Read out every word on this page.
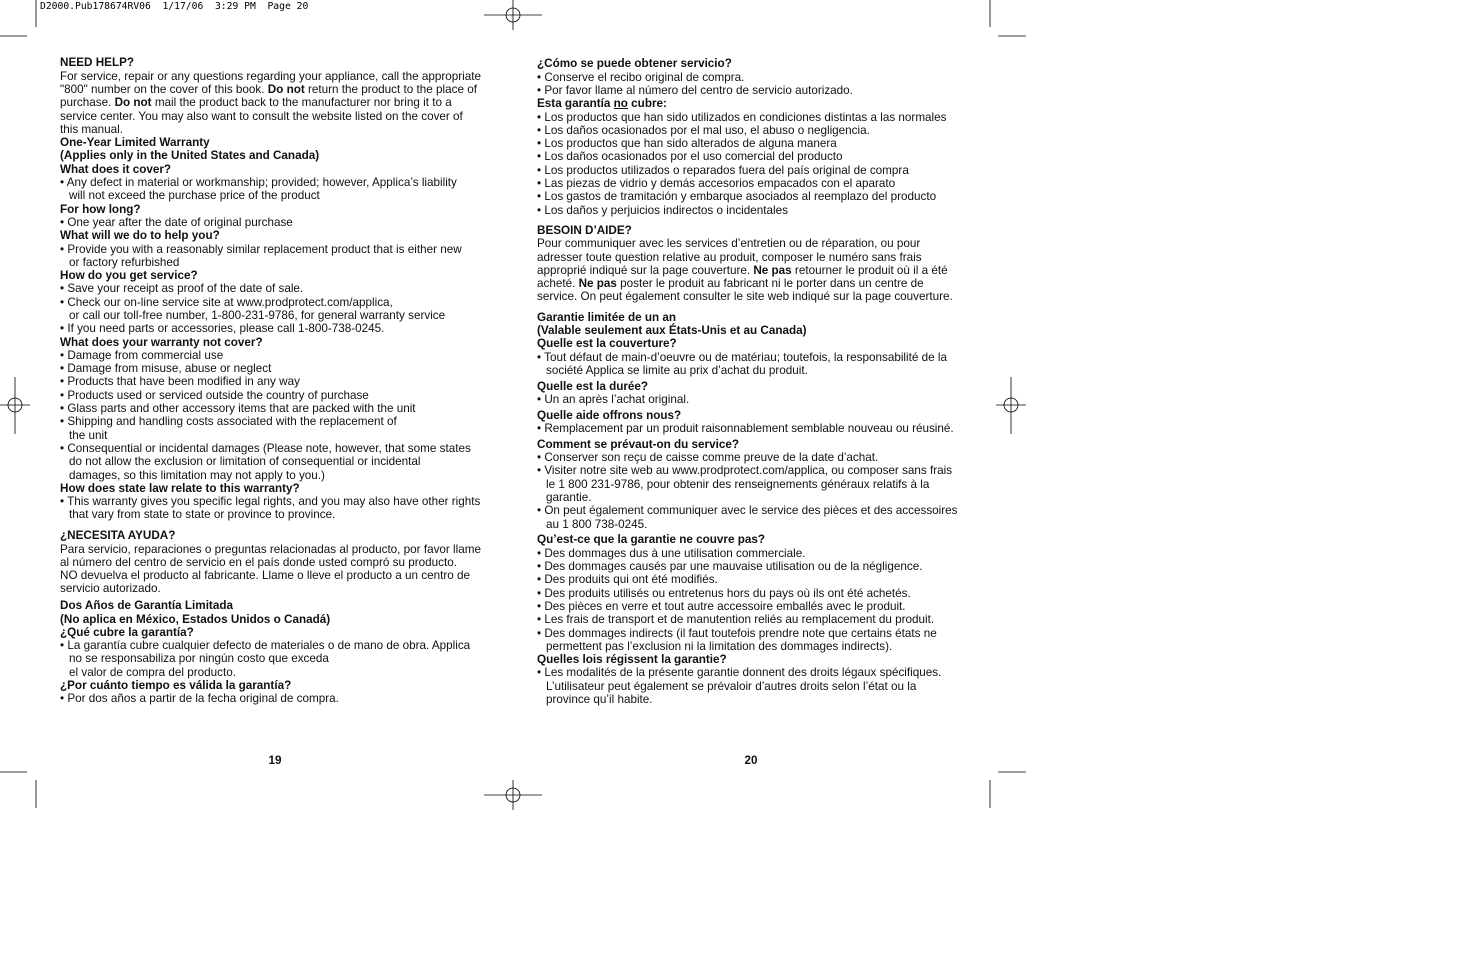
D2000.Pub178674RV06  1/17/06  3:29 PM  Page 20
NEED HELP?
For service, repair or any questions regarding your appliance, call the appropriate
"800" number on the cover of this book. Do not return the product to the place of
purchase. Do not mail the product back to the manufacturer nor bring it to a
service center. You may also want to consult the website listed on the cover of
this manual.
One-Year Limited Warranty
(Applies only in the United States and Canada)
What does it cover?
• Any defect in material or workmanship; provided; however, Applica’s liability
will not exceed the purchase price of the product
For how long?
• One year after the date of original purchase
What will we do to help you?
• Provide you with a reasonably similar replacement product that is either new
or factory refurbished
How do you get service?
• Save your receipt as proof of the date of sale.
• Check our on-line service site at www.prodprotect.com/applica,
or call our toll-free number, 1-800-231-9786, for general warranty service
• If you need parts or accessories, please call 1-800-738-0245.
What does your warranty not cover?
• Damage from commercial use
• Damage from misuse, abuse or neglect
• Products that have been modified in any way
• Products used or serviced outside the country of purchase
• Glass parts and other accessory items that are packed with the unit
• Shipping and handling costs associated with the replacement of
the unit
• Consequential or incidental damages (Please note, however, that some states
do not allow the exclusion or limitation of consequential or incidental
damages, so this limitation may not apply to you.)
How does state law relate to this warranty?
• This warranty gives you specific legal rights, and you may also have other rights
that vary from state to state or province to province.
¿NECESITA AYUDA?
Para servicio, reparaciones o preguntas relacionadas al producto, por favor llame
al número del centro de servicio en el país donde usted compró su producto.
NO devuelva el producto al fabricante. Llame o lleve el producto a un centro de
servicio autorizado.
Dos Años de Garantía Limitada
(No aplica en México, Estados Unidos o Canadá)
¿Qué cubre la garantía?
• La garantía cubre cualquier defecto de materiales o de mano de obra. Applica
no se responsabiliza por ningún costo que exceda
el valor de compra del producto.
¿Por cuánto tiempo es válida la garantía?
• Por dos años a partir de la fecha original de compra.
19
¿Cómo se puede obtener servicio?
• Conserve el recibo original de compra.
• Por favor llame al número del centro de servicio autorizado.
Esta garantía no cubre:
• Los productos que han sido utilizados en condiciones distintas a las normales
• Los daños ocasionados por el mal uso, el abuso o negligencia.
• Los productos que han sido alterados de alguna manera
• Los daños ocasionados por el uso comercial del producto
• Los productos utilizados o reparados fuera del país original de compra
• Las piezas de vidrio y demás accesorios empacados con el aparato
• Los gastos de tramitación y embarque asociados al reemplazo del producto
• Los daños y perjuicios indirectos o incidentales
BESOIN D’AIDE?
Pour communiquer avec les services d’entretien ou de réparation, ou pour
adresser toute question relative au produit, composer le numéro sans frais
approprié indiqué sur la page couverture. Ne pas retourner le produit où il a été
acheté. Ne pas poster le produit au fabricant ni le porter dans un centre de
service. On peut également consulter le site web indiqué sur la page couverture.
Garantie limitée de un an
(Valable seulement aux États-Unis et au Canada)
Quelle est la couverture?
• Tout défaut de main-d’oeuvre ou de matériau; toutefois, la responsabilité de la
société Applica se limite au prix d’achat du produit.
Quelle est la durée?
• Un an après l’achat original.
Quelle aide offrons nous?
• Remplacement par un produit raisonnablement semblable nouveau ou réusiné.
Comment se prévaut-on du service?
• Conserver son reçu de caisse comme preuve de la date d’achat.
• Visiter notre site web au www.prodprotect.com/applica, ou composer sans frais
le 1 800 231-9786, pour obtenir des renseignements généraux relatifs à la
garantie.
• On peut également communiquer avec le service des pièces et des accessoires
au 1 800 738-0245.
Qu’est-ce que la garantie ne couvre pas?
• Des dommages dus à une utilisation commerciale.
• Des dommages causés par une mauvaise utilisation ou de la négligence.
• Des produits qui ont été modifiés.
• Des produits utilisés ou entretenus hors du pays où ils ont été achetés.
• Des pièces en verre et tout autre accessoire emballés avec le produit.
• Les frais de transport et de manutention reliés au remplacement du produit.
• Des dommages indirects (il faut toutefois prendre note que certains états ne
permettent pas l’exclusion ni la limitation des dommages indirects).
Quelles lois régissent la garantie?
• Les modalités de la présente garantie donnent des droits légaux spécifiques.
L’utilisateur peut également se prévaloir d’autres droits selon l’état ou la
province qu’il habite.
20
